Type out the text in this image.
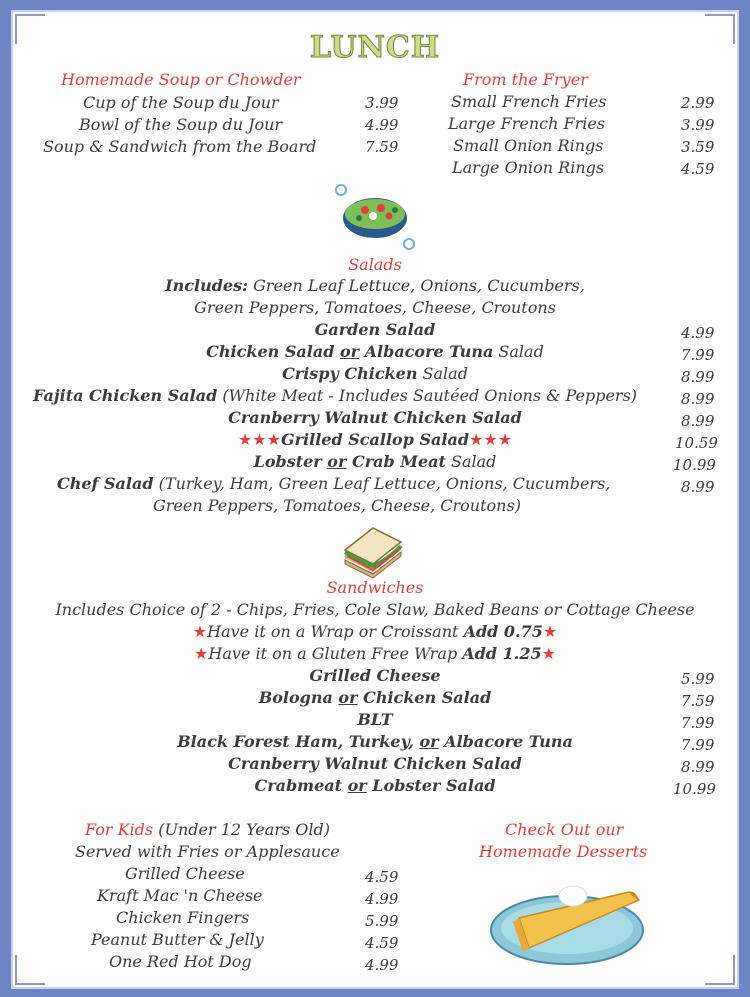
LUNCH
Homemade Soup or Chowder
Cup of the Soup du Jour	3.99
Bowl of the Soup du Jour	4.99
Soup & Sandwich from the Board	7.59
From the Fryer
Small French Fries	2.99
Large French Fries	3.99
Small Onion Rings	3.59
Large Onion Rings	4.59
Salads
Includes: Green Leaf Lettuce, Onions, Cucumbers,
Green Peppers, Tomatoes, Cheese, Croutons
Garden Salad	4.99
Chicken Salad or Albacore Tuna Salad	7.99
Crispy Chicken Salad	8.99
Fajita Chicken Salad (White Meat - Includes Sautéed Onions & Peppers)	8.99
Cranberry Walnut Chicken Salad	8.99
★★★Grilled Scallop Salad★★★	10.59
Lobster or Crab Meat Salad	10.99
Chef Salad (Turkey, Ham, Green Leaf Lettuce, Onions, Cucumbers,	8.99
Green Peppers, Tomatoes, Cheese, Croutons)
Sandwiches
Includes Choice of 2 - Chips, Fries, Cole Slaw, Baked Beans or Cottage Cheese
★Have it on a Wrap or Croissant Add 0.75★
★Have it on a Gluten Free Wrap Add 1.25★
Grilled Cheese	5.99
Bologna or Chicken Salad	7.59
BLT	7.99
Black Forest Ham, Turkey, or Albacore Tuna	7.99
Cranberry Walnut Chicken Salad	8.99
Crabmeat or Lobster Salad	10.99
For Kids (Under 12 Years Old)
Served with Fries or Applesauce
Grilled Cheese	4.59
Kraft Mac 'n Cheese	4.99
Chicken Fingers	5.99
Peanut Butter & Jelly	4.59
One Red Hot Dog	4.99
Check Out our
Homemade Desserts
